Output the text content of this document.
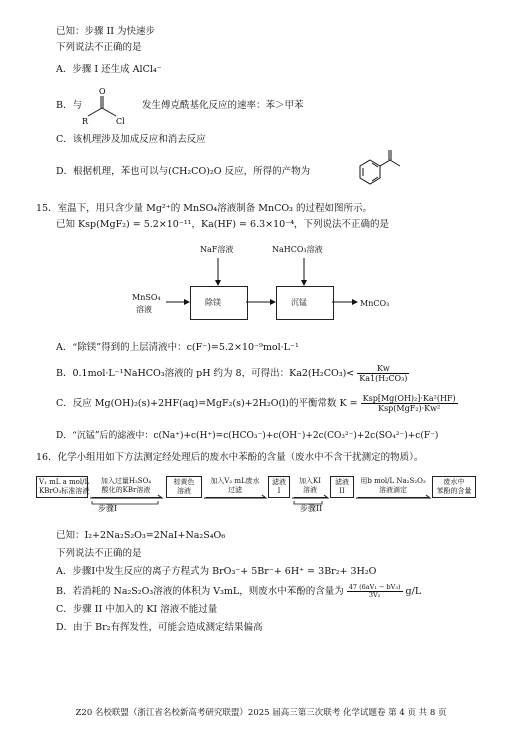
已知：步骤 II 为快速步
下列说法不正确的是
A．步骤 I 还生成 AlCl₄⁻
B．与
O
R	Cl
发生傅克酰基化反应的速率：苯＞甲苯
C．该机理涉及加成反应和消去反应
D．根据机理，苯也可以与(CH₂CO)₂O 反应，所得的产物为
15．室温下，用只含少量 Mg²⁺的 MnSO₄溶液制备 MnCO₃ 的过程如图所示。
已知 Ksp(MgF₂) = 5.2×10⁻¹¹，Ka(HF) = 6.3×10⁻⁴，下列说法不正确的是
NaF溶液	NaHCO₃溶液
MnSO₄
溶液
除镁	沉锰	MnCO₃
A．“除镁”得到的上层清液中：c(F⁻)=5.2×10⁻⁹mol·L⁻¹
B．0.1mol·L⁻¹NaHCO₃溶液的 pH 约为 8，可得出：$Ka2(H_2CO_3)< \frac{Kw}{\text{Ka1(H₂CO₃)}}$
C．反应 Mg(OH)₂(s)+2HF(aq)=MgF₂(s)+2H₂O(l)的平衡常数 $K = \frac{\text{Ksp[Mg(OH)₂]·Ka²(HF)}}{\text{Ksp(MgF₂)·Kw²}}$
D．“沉锰”后的滤液中：c(Na⁺)+c(H⁺)=c(HCO₃⁻)+c(OH⁻)+2c(CO₃²⁻)+2c(SO₄²⁻)+c(F⁻)
16．化学小组用如下方法测定经处理后的废水中苯酚的含量（废水中不含干扰测定的物质）。
V₁ mL a mol/L
KBrO₃标准溶液
加入过量H₂SO₄
酸化的KBr溶液
棕黄色
溶液
加入V₂ mL废水
过滤
滤液
I
加入KI
溶液
滤液
II
用b mol/L Na₂S₂O₃
溶液滴定
废水中
苯酚的含量
步骤I	步骤II
已知：I₂+2Na₂S₂O₃=2NaI+Na₂S₄O₆
下列说法不正确的是
A．步骤I中发生反应的离子方程式为 BrO₃⁻+ 5Br⁻+ 6H⁺ = 3Br₂+ 3H₂O
B．若消耗的 Na₂S₂O₃溶液的体积为 V₃mL，则废水中苯酚的含量为 $\frac{\text{47 (6aV₁ − bV₃)}}{\text{3V₂}} g/L$
C．步骤 II 中加入的 KI 溶液不能过量
D．由于 Br₂有挥发性，可能会造成测定结果偏高
Z20 名校联盟（浙江省名校新高考研究联盟）2025 届高三第三次联考 化学试题卷 第 4 页 共 8 页
